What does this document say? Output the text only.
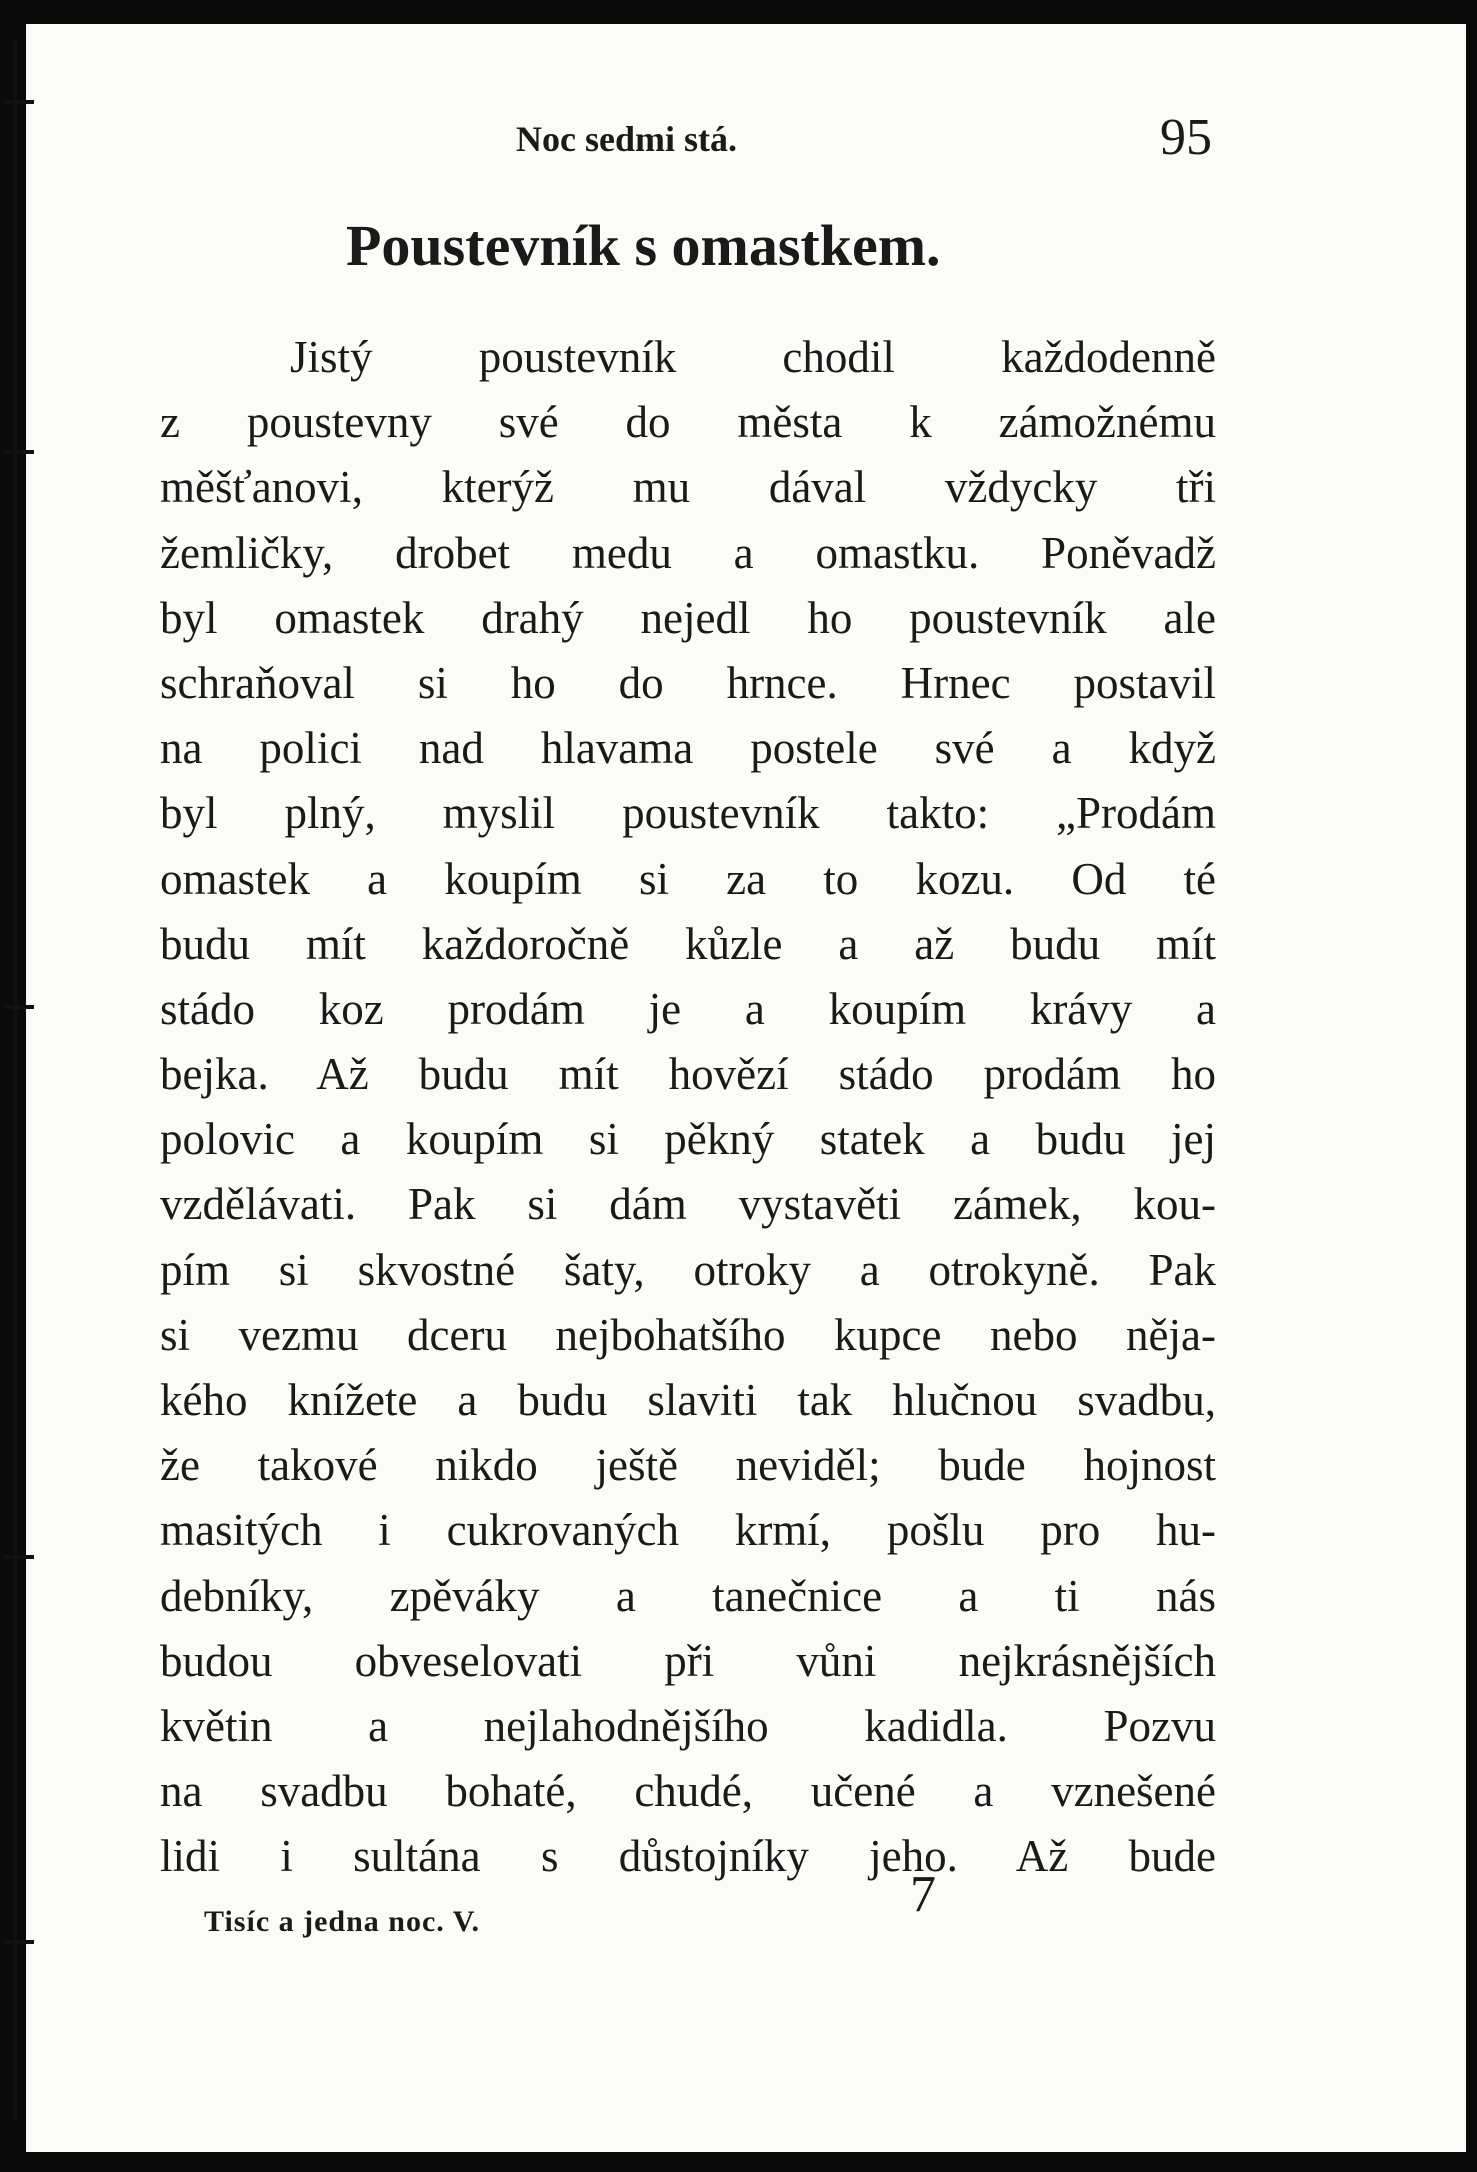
Noc sedmi stá.	95
Poustevník s omastkem.
Jistý poustevník chodil každodenně
z poustevny své do města k zámožnému
měšťanovi, kterýž mu dával vždycky tři
žemličky, drobet medu a omastku. Poněvadž
byl omastek drahý nejedl ho poustevník ale
schraňoval si ho do hrnce. Hrnec postavil
na polici nad hlavama postele své a když
byl plný, myslil poustevník takto: „Prodám
omastek a koupím si za to kozu. Od té
budu mít každoročně kůzle a až budu mít
stádo koz prodám je a koupím krávy a
bejka. Až budu mít hovězí stádo prodám ho
polovic a koupím si pěkný statek a budu jej
vzdělávati. Pak si dám vystavěti zámek, kou-
pím si skvostné šaty, otroky a otrokyně. Pak
si vezmu dceru nejbohatšího kupce nebo něja-
kého knížete a budu slaviti tak hlučnou svadbu,
že takové nikdo ještě neviděl; bude hojnost
masitých i cukrovaných krmí, pošlu pro hu-
debníky, zpěváky a tanečnice a ti nás
budou obveselovati při vůni nejkrásnějších
květin a nejlahodnějšího kadidla. Pozvu
na svadbu bohaté, chudé, učené a vznešené
lidi i sultána s důstojníky jeho. Až bude
Tisíc a jedna noc. V.	7
